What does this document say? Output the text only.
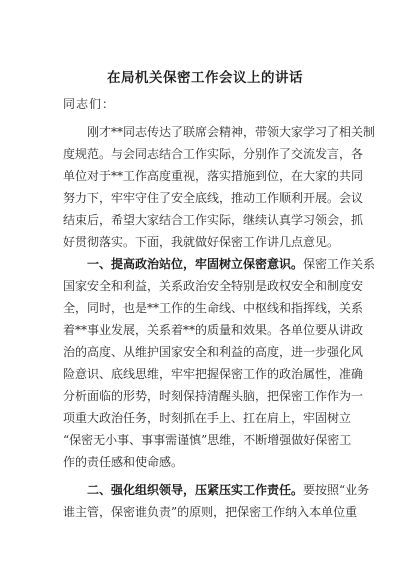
在局机关保密工作会议上的讲话
同志们：
刚才**同志传达了联席会精神，带领大家学习了相关制
度规范。与会同志结合工作实际，分别作了交流发言，各
单位对于**工作高度重视，落实措施到位，在大家的共同
努力下，牢牢守住了安全底线，推动工作顺利开展。会议
结束后，希望大家结合工作实际，继续认真学习领会，抓
好贯彻落实。下面，我就做好保密工作讲几点意见。
一、提高政治站位，牢固树立保密意识。保密工作关系
国家安全和利益，关系政治安全特别是政权安全和制度安
全，同时，也是**工作的生命线、中枢线和指挥线，关系
着**事业发展，关系着**的质量和效果。各单位要从讲政
治的高度、从维护国家安全和利益的高度，进一步强化风
险意识、底线思维，牢牢把握保密工作的政治属性，准确
分析面临的形势，时刻保持清醒头脑，把保密工作作为一
项重大政治任务，时刻抓在手上、扛在肩上，牢固树立
“保密无小事、事事需谨慎”思维，不断增强做好保密工
作的责任感和使命感。
二、强化组织领导，压紧压实工作责任。要按照“业务
谁主管，保密谁负责”的原则，把保密工作纳入本单位重
